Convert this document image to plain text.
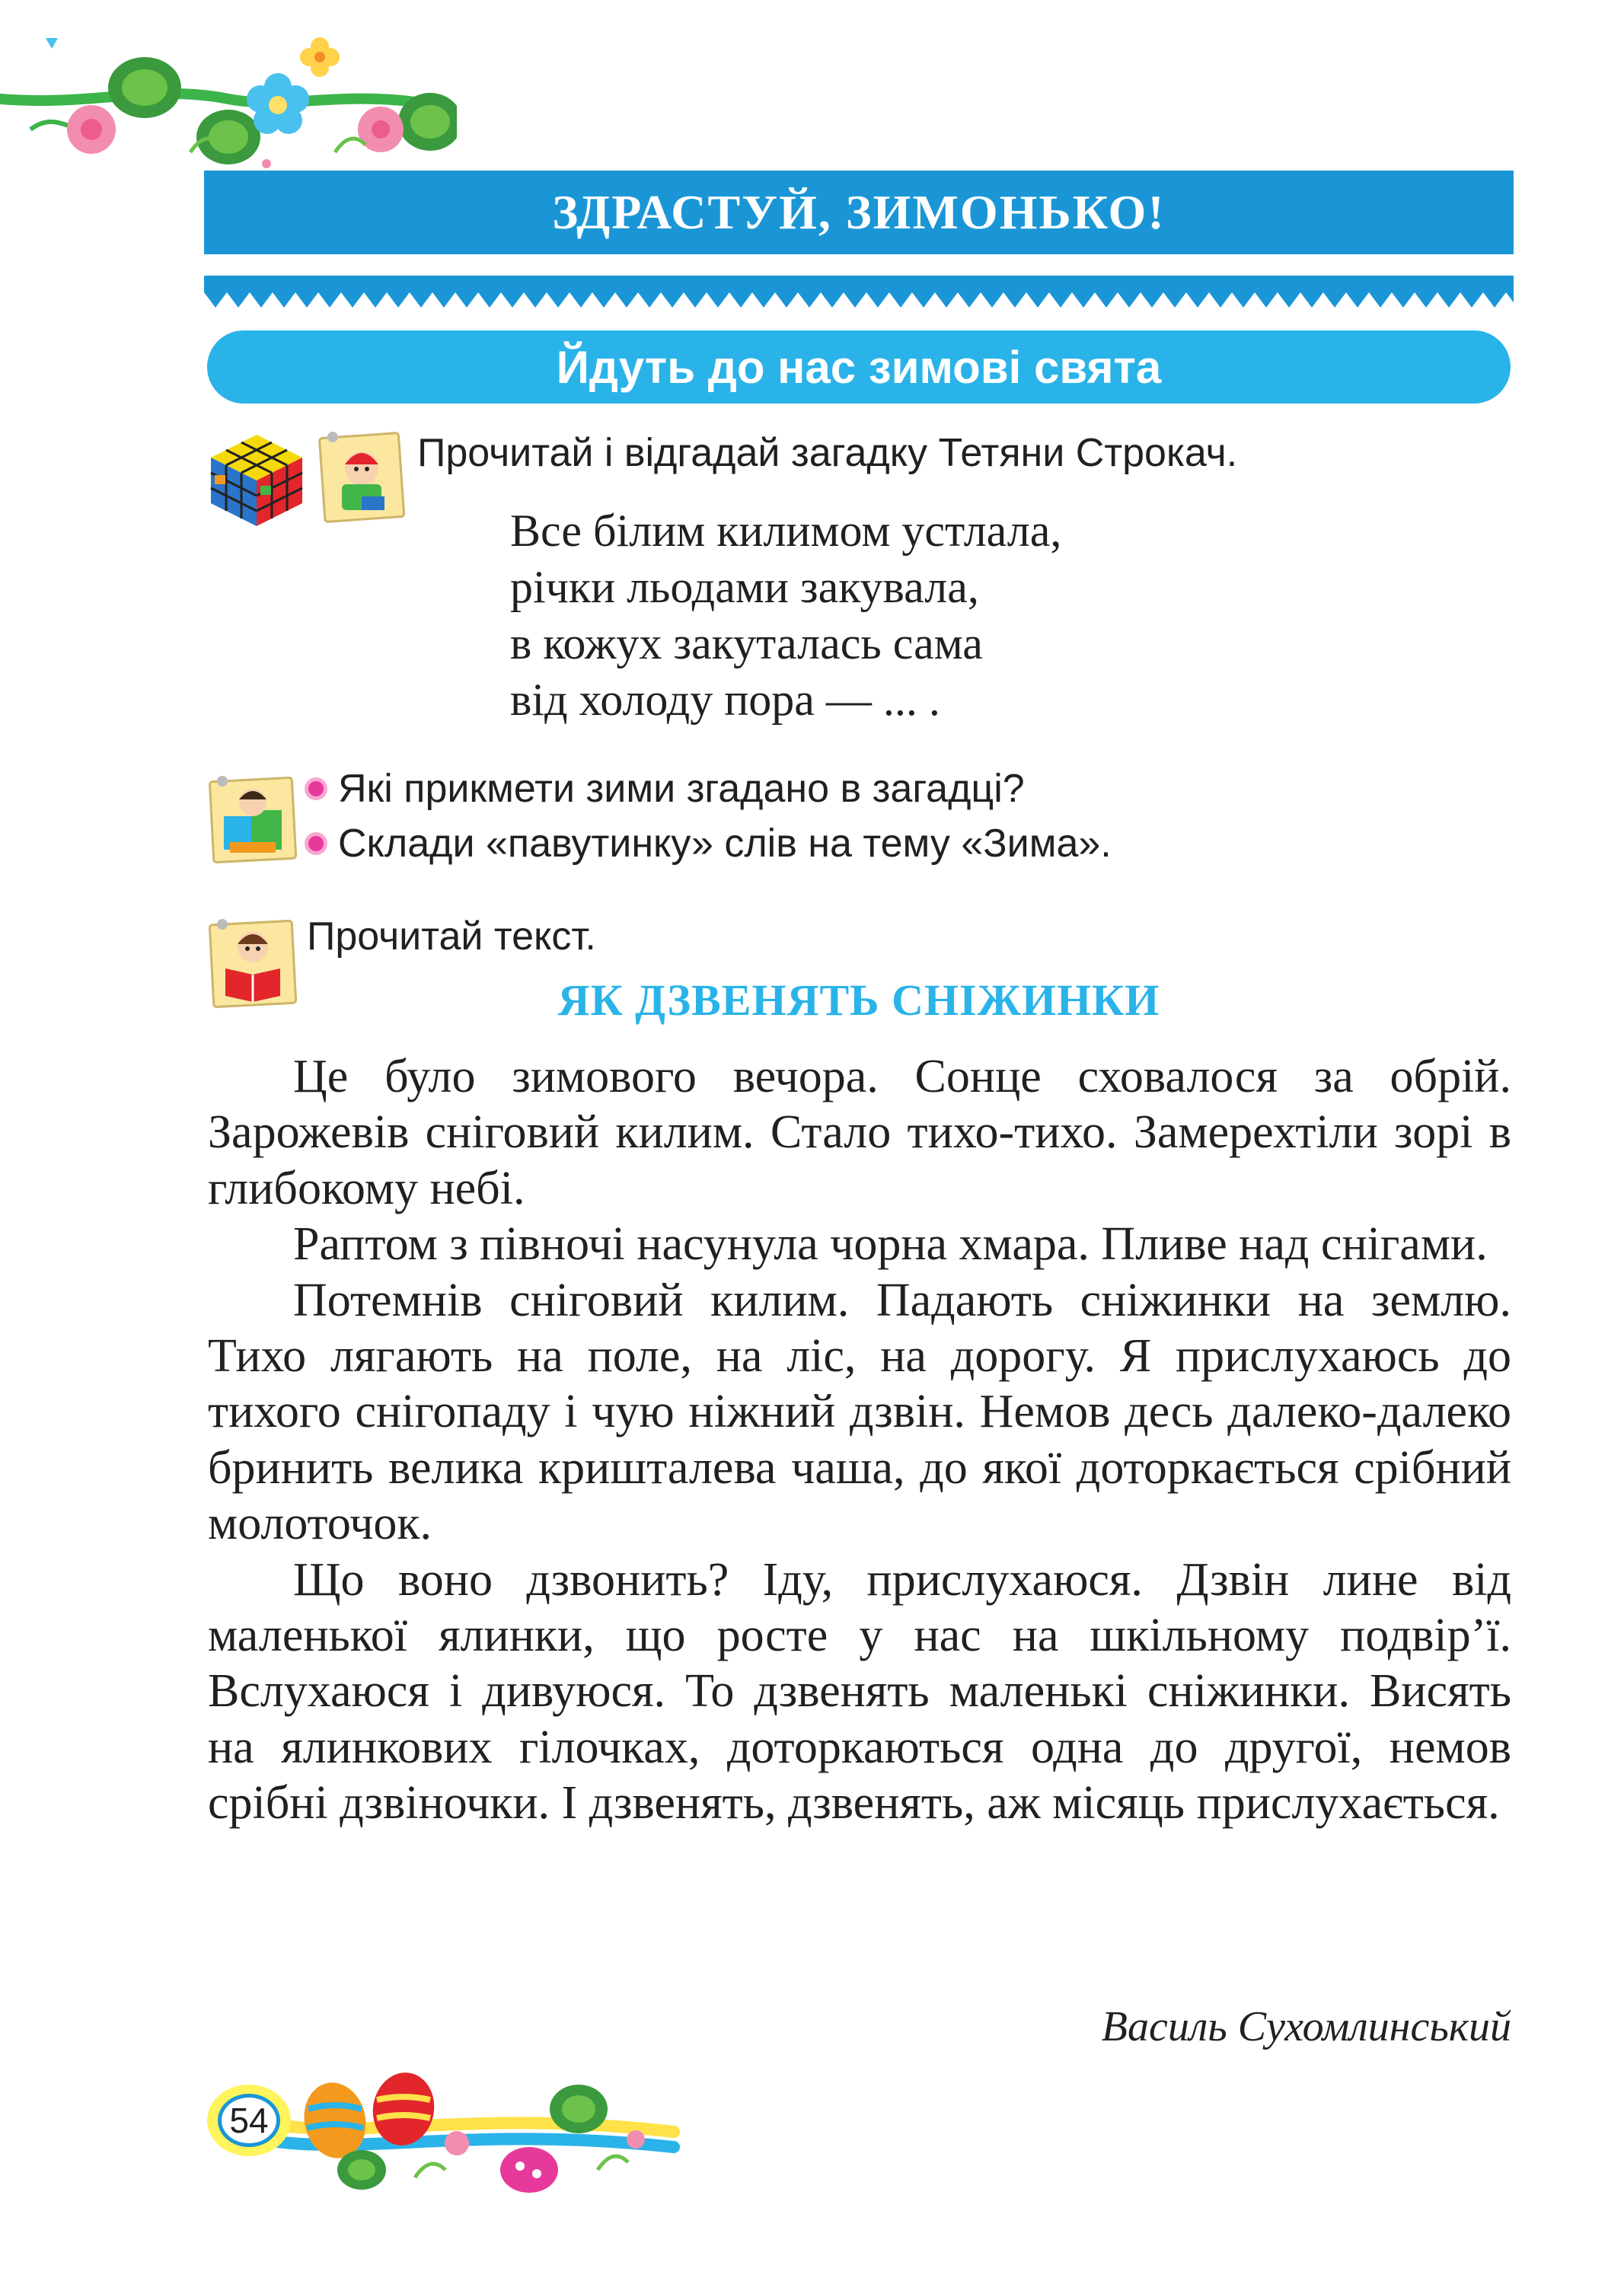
ЗДРАСТУЙ, ЗИМОНЬКО!
Йдуть до нас зимові свята
Прочитай і відгадай загадку Тетяни Строкач.
Все білим килимом устлала,
річки льодами закувала,
в кожух закуталась сама
від холоду пора — ... .
Які прикмети зими згадано в загадці?
Склади «павутинку» слів на тему «Зима».
Прочитай текст.
ЯК ДЗВЕНЯТЬ СНІЖИНКИ

Це було зимового вечора. Сонце сховалося за обрій. Зарожевів сніговий килим. Стало тихо-тихо. Замерехтіли зорі в глибокому небі.

Раптом з півночі насунула чорна хмара. Пливе над снігами.

Потемнів сніговий килим. Падають сніжинки на землю. Тихо лягають на поле, на ліс, на дорогу. Я прислухаюсь до тихого снігопаду і чую ніжний дзвін. Немов десь далеко-далеко бринить велика кришталева чаша, до якої доторкається срібний молоточок.

Що воно дзвонить? Іду, прислухаюся. Дзвін лине від маленької ялинки, що росте у нас на шкільному подвір’ї. Вслухаюся і дивуюся. То дзвенять маленькі сніжинки. Висять на ялинкових гілочках, доторкаються одна до другої, немов срібні дзвіночки. І дзвенять, дзвенять, аж місяць прислухається.

Василь Сухомлинський
54
